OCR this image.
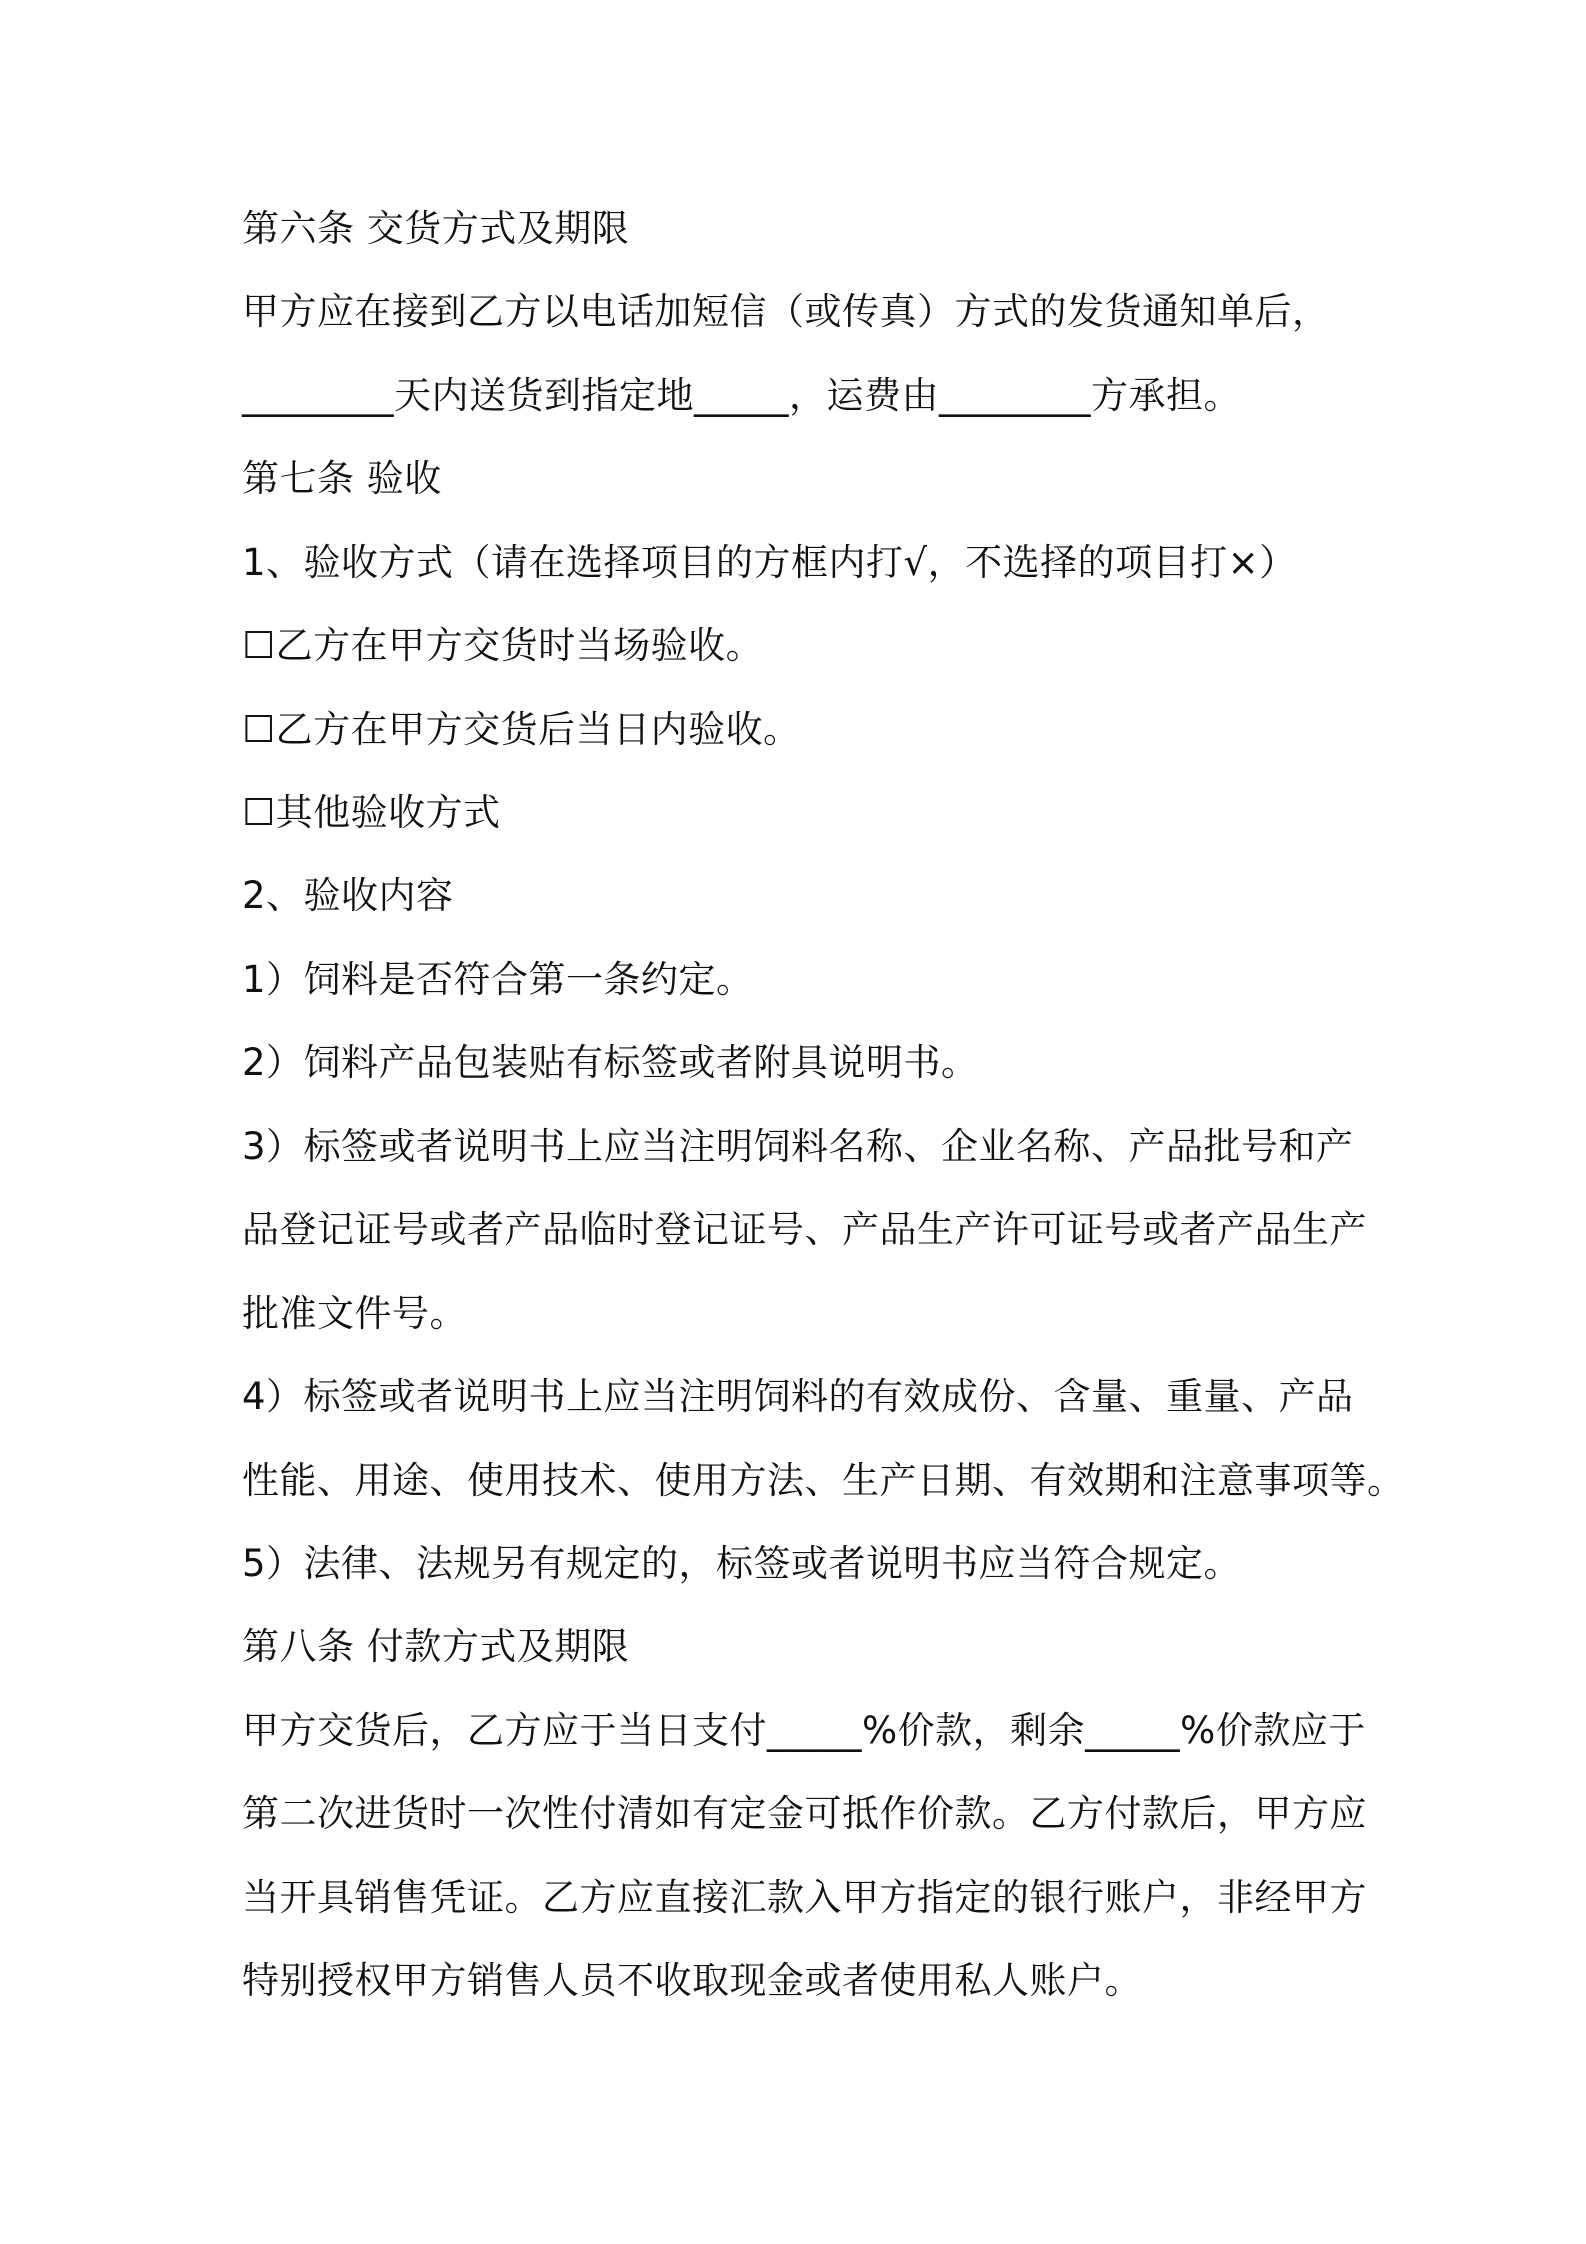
第六条 交货方式及期限
甲方应在接到乙方以电话加短信（或传真）方式的发货通知单后，
________天内送货到指定地_____，运费由________方承担。
第七条 验收
1、验收方式（请在选择项目的方框内打√，不选择的项目打×）
☐乙方在甲方交货时当场验收。
☐乙方在甲方交货后当日内验收。
☐其他验收方式
2、验收内容
1）饲料是否符合第一条约定。
2）饲料产品包装贴有标签或者附具说明书。
3）标签或者说明书上应当注明饲料名称、企业名称、产品批号和产
品登记证号或者产品临时登记证号、产品生产许可证号或者产品生产
批准文件号。
4）标签或者说明书上应当注明饲料的有效成份、含量、重量、产品
性能、用途、使用技术、使用方法、生产日期、有效期和注意事项等。
5）法律、法规另有规定的，标签或者说明书应当符合规定。
第八条 付款方式及期限
甲方交货后，乙方应于当日支付_____%价款，剩余_____%价款应于
第二次进货时一次性付清如有定金可抵作价款。乙方付款后，甲方应
当开具销售凭证。乙方应直接汇款入甲方指定的银行账户，非经甲方
特别授权甲方销售人员不收取现金或者使用私人账户。
